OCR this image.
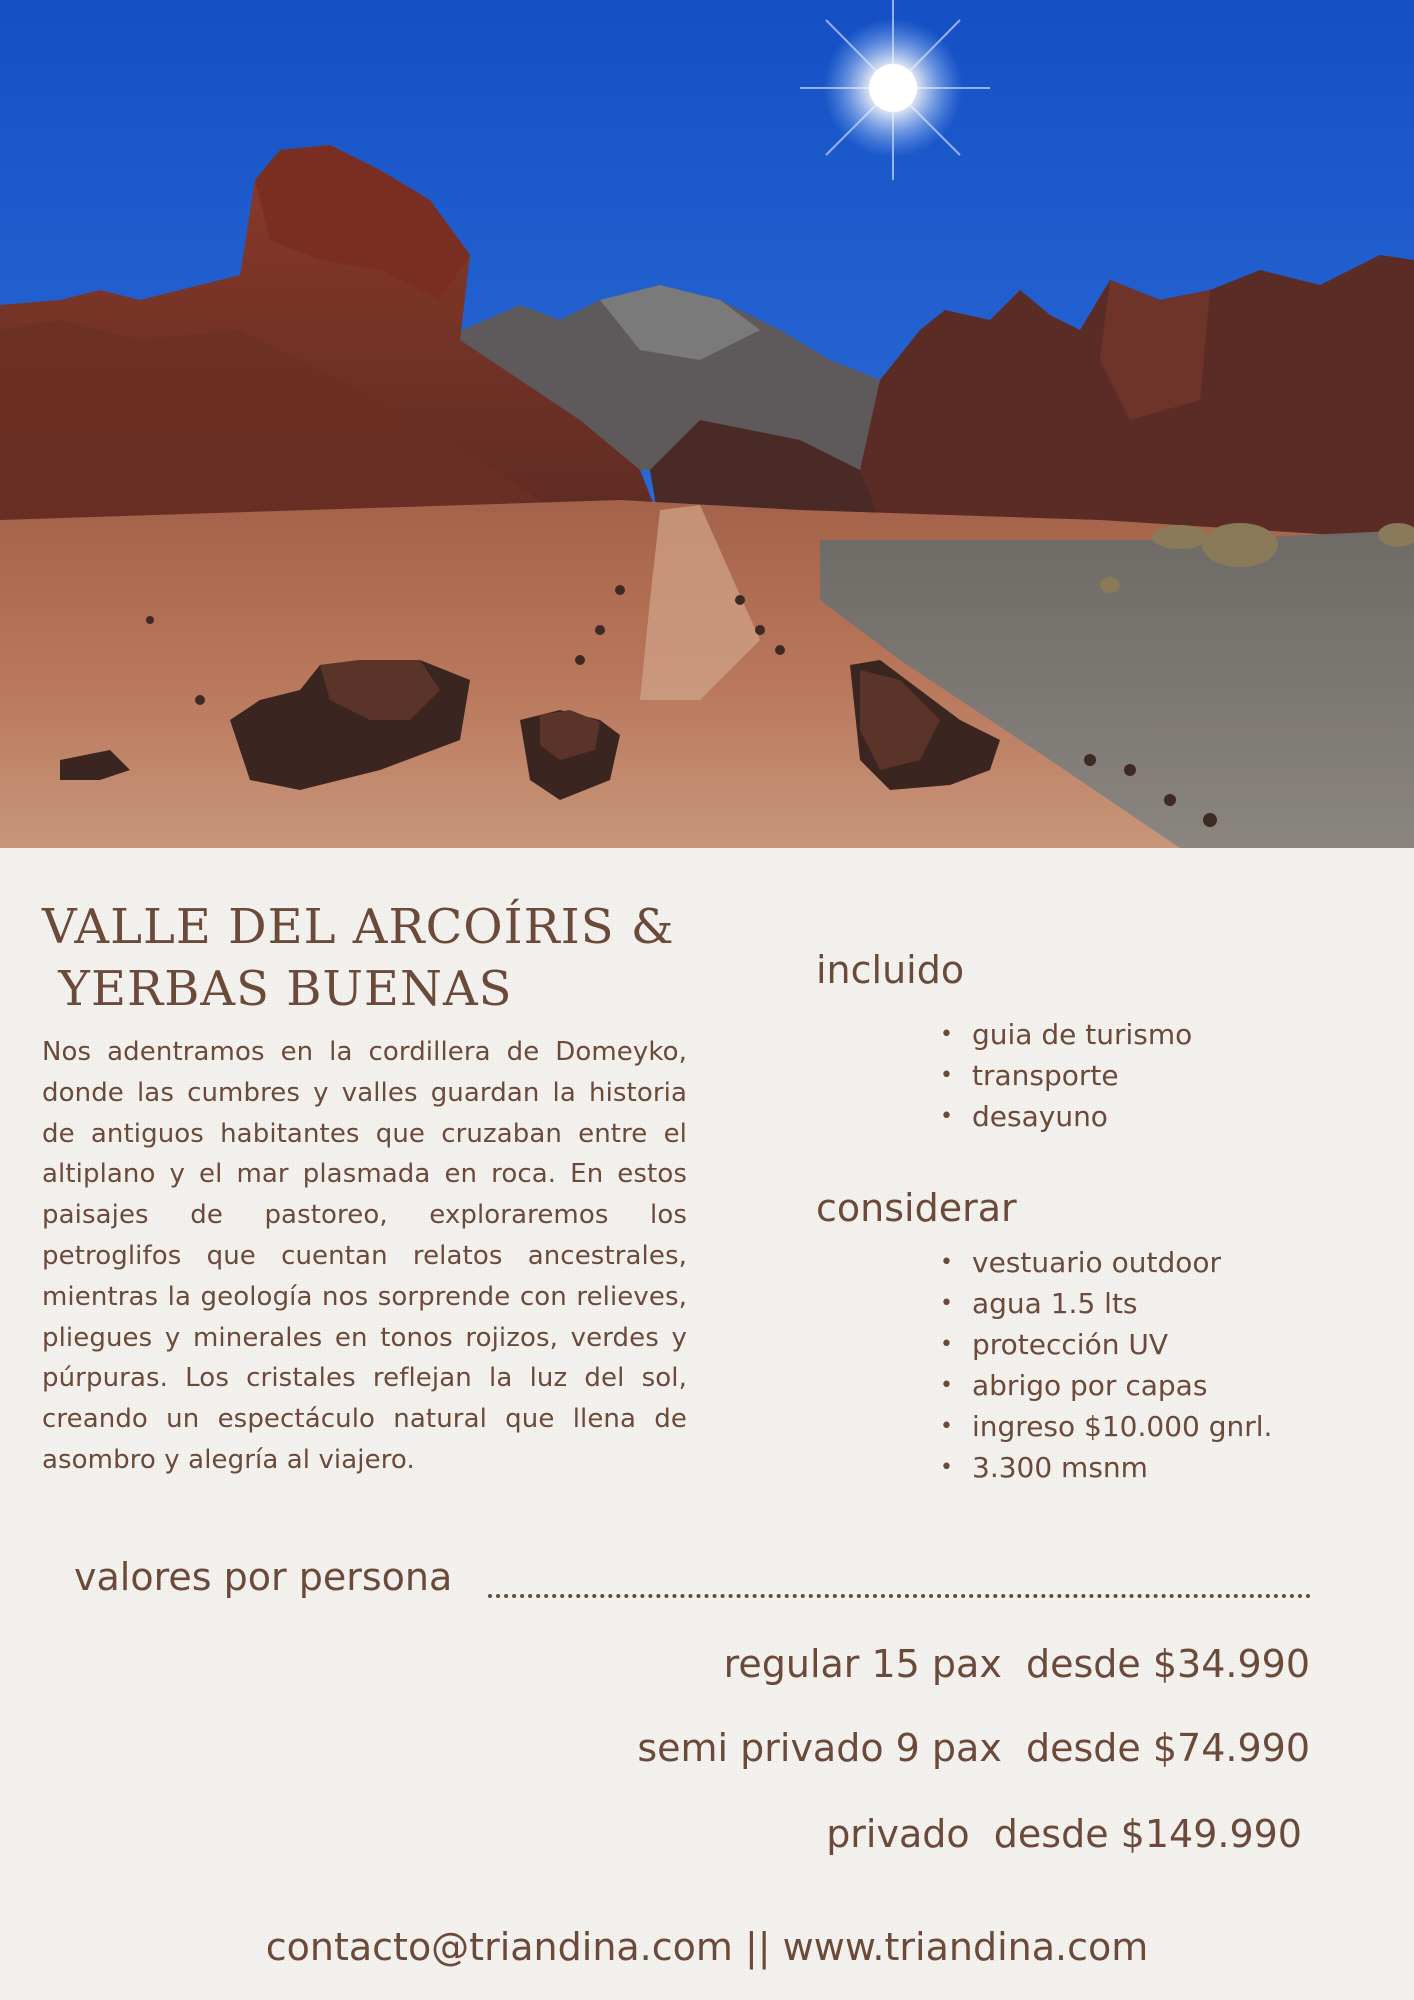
VALLE DEL ARCOÍRIS &
YERBAS BUENAS

Nos adentramos en la cordillera de Domeyko, donde las cumbres y valles guardan la historia de antiguos habitantes que cruzaban entre el altiplano y el mar plasmada en roca. En estos paisajes de pastoreo, exploraremos los petroglifos que cuentan relatos ancestrales, mientras la geología nos sorprende con relieves, pliegues y minerales en tonos rojizos, verdes y púrpuras. Los cristales reflejan la luz del sol, creando un espectáculo natural que llena de asombro y alegría al viajero.

incluido
• guia de turismo
• transporte
• desayuno
considerar
• vestuario outdoor
• agua 1.5 lts
• protección UV
• abrigo por capas
• ingreso $10.000 gnrl.
• 3.300 msnm
valores por persona
regular 15 pax  desde $34.990
semi privado 9 pax  desde $74.990
privado  desde $149.990
contacto@triandina.com || www.triandina.com
